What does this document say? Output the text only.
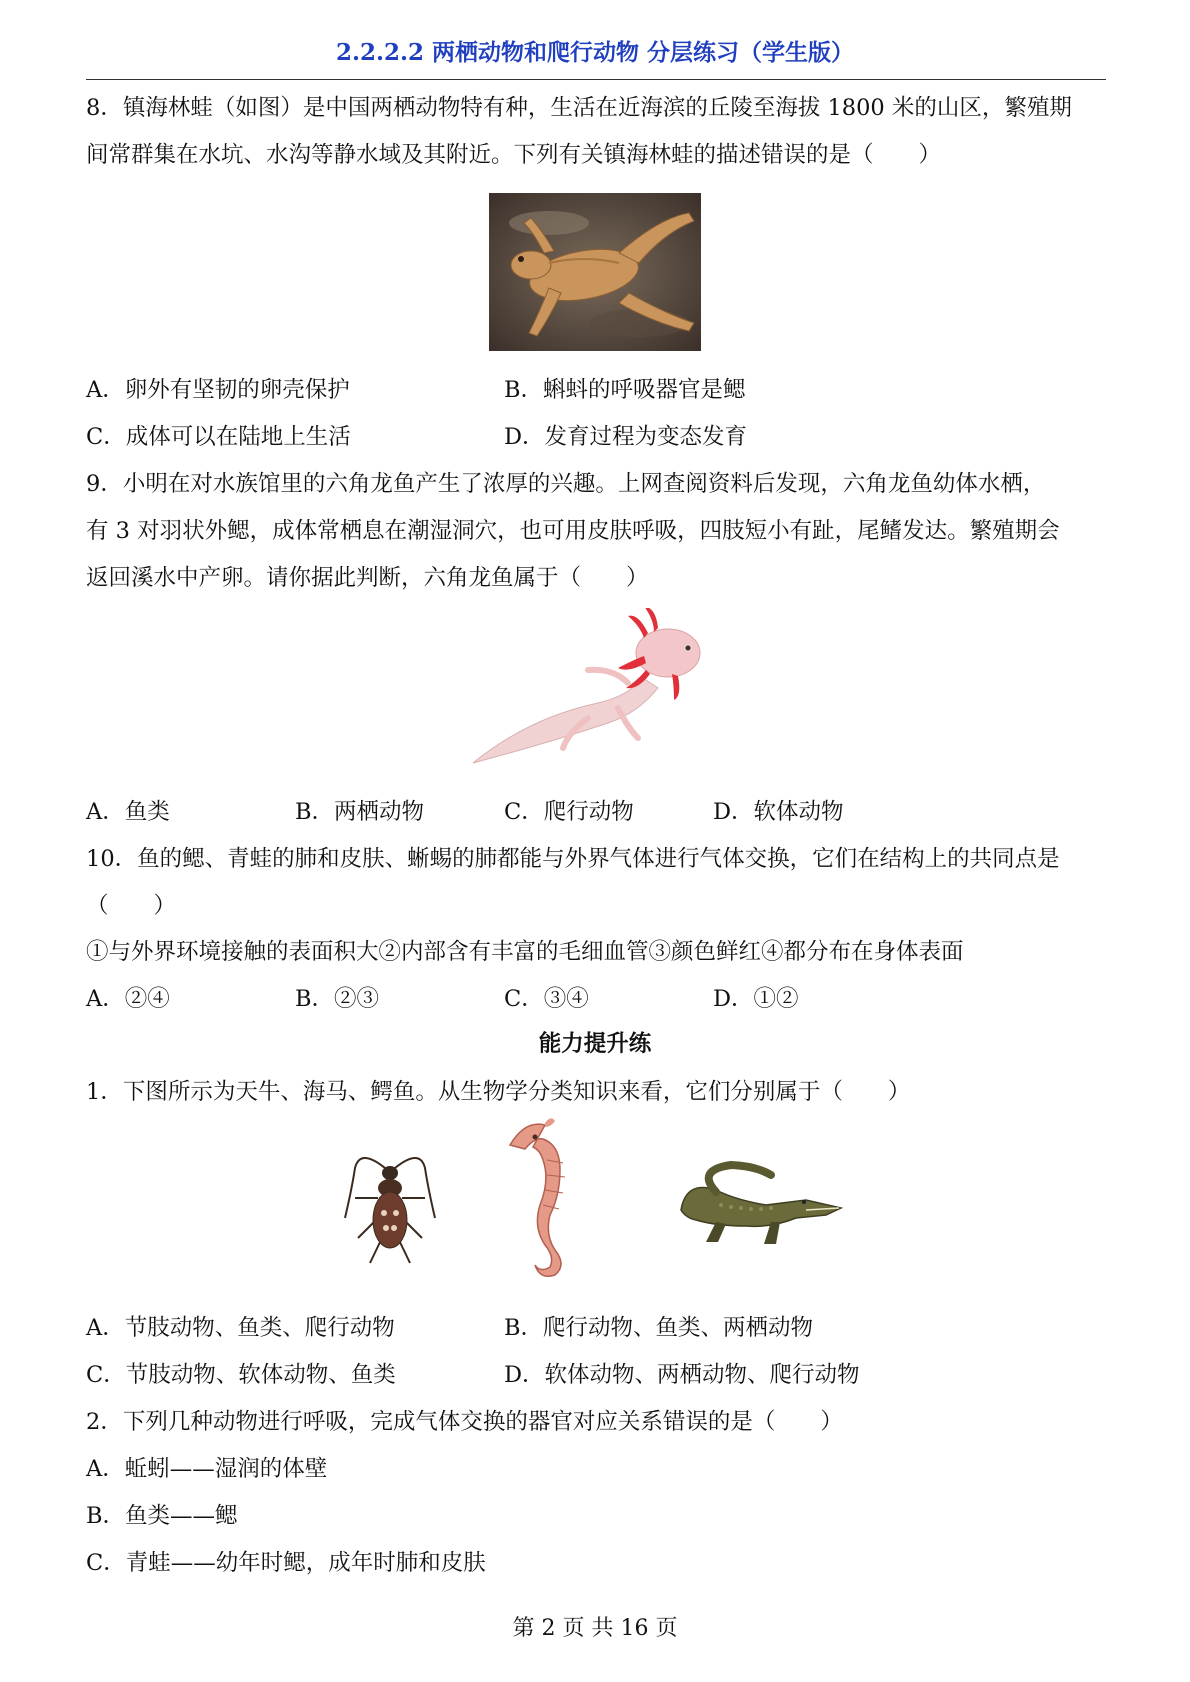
2.2.2.2 两栖动物和爬行动物 分层练习（学生版）
8．镇海林蛙（如图）是中国两栖动物特有种，生活在近海滨的丘陵至海拔 1800 米的山区，繁殖期
间常群集在水坑、水沟等静水域及其附近。下列有关镇海林蛙的描述错误的是（　　）
A．卵外有坚韧的卵壳保护	B．蝌蚪的呼吸器官是鳃
C．成体可以在陆地上生活	D．发育过程为变态发育
9．小明在对水族馆里的六角龙鱼产生了浓厚的兴趣。上网查阅资料后发现，六角龙鱼幼体水栖，
有 3 对羽状外鳃，成体常栖息在潮湿洞穴，也可用皮肤呼吸，四肢短小有趾，尾鳍发达。繁殖期会
返回溪水中产卵。请你据此判断，六角龙鱼属于（　　）
A．鱼类	B．两栖动物	C．爬行动物	D．软体动物
10．鱼的鳃、青蛙的肺和皮肤、蜥蜴的肺都能与外界气体进行气体交换，它们在结构上的共同点是
（　　）
①与外界环境接触的表面积大②内部含有丰富的毛细血管③颜色鲜红④都分布在身体表面
A．②④	B．②③	C．③④	D．①②
能力提升练
1．下图所示为天牛、海马、鳄鱼。从生物学分类知识来看，它们分别属于（　　）
A．节肢动物、鱼类、爬行动物	B．爬行动物、鱼类、两栖动物
C．节肢动物、软体动物、鱼类	D．软体动物、两栖动物、爬行动物
2．下列几种动物进行呼吸，完成气体交换的器官对应关系错误的是（　　）
A．蚯蚓——湿润的体壁
B．鱼类——鳃
C．青蛙——幼年时鳃，成年时肺和皮肤
第 2 页 共 16 页
